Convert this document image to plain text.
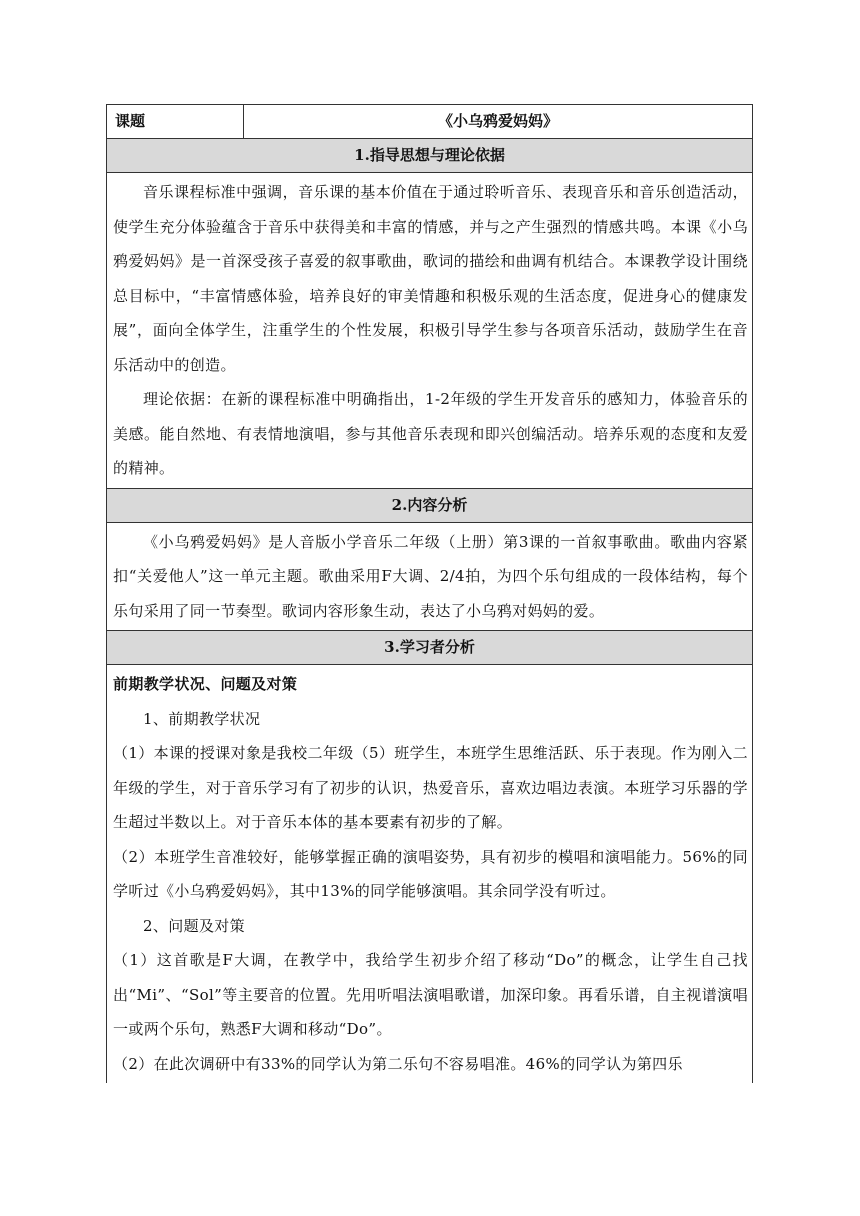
课题	《小乌鸦爱妈妈》
1.指导思想与理论依据

音乐课程标准中强调，音乐课的基本价值在于通过聆听音乐、表现音乐和音乐创造活动，使学生充分体验蕴含于音乐中获得美和丰富的情感，并与之产生强烈的情感共鸣。本课《小乌鸦爱妈妈》是一首深受孩子喜爱的叙事歌曲，歌词的描绘和曲调有机结合。本课教学设计围绕总目标中，“丰富情感体验，培养良好的审美情趣和积极乐观的生活态度，促进身心的健康发展”，面向全体学生，注重学生的个性发展，积极引导学生参与各项音乐活动，鼓励学生在音乐活动中的创造。

理论依据：在新的课程标准中明确指出，1-2年级的学生开发音乐的感知力，体验音乐的美感。能自然地、有表情地演唱，参与其他音乐表现和即兴创编活动。培养乐观的态度和友爱的精神。

2.内容分析

《小乌鸦爱妈妈》是人音版小学音乐二年级（上册）第3课的一首叙事歌曲。歌曲内容紧扣“关爱他人”这一单元主题。歌曲采用F大调、2/4拍，为四个乐句组成的一段体结构，每个乐句采用了同一节奏型。歌词内容形象生动，表达了小乌鸦对妈妈的爱。

3.学习者分析

前期教学状况、问题及对策

1、前期教学状况

（1）本课的授课对象是我校二年级（5）班学生，本班学生思维活跃、乐于表现。作为刚入二年级的学生，对于音乐学习有了初步的认识，热爱音乐，喜欢边唱边表演。本班学习乐器的学生超过半数以上。对于音乐本体的基本要素有初步的了解。

（2）本班学生音准较好，能够掌握正确的演唱姿势，具有初步的模唱和演唱能力。56%的同学听过《小乌鸦爱妈妈》，其中13%的同学能够演唱。其余同学没有听过。

2、问题及对策

（1）这首歌是F大调，在教学中，我给学生初步介绍了移动“Do”的概念，让学生自己找出“Mi”、“Sol”等主要音的位置。先用听唱法演唱歌谱，加深印象。再看乐谱，自主视谱演唱一或两个乐句，熟悉F大调和移动“Do”。

（2）在此次调研中有33%的同学认为第二乐句不容易唱准。46%的同学认为第四乐
